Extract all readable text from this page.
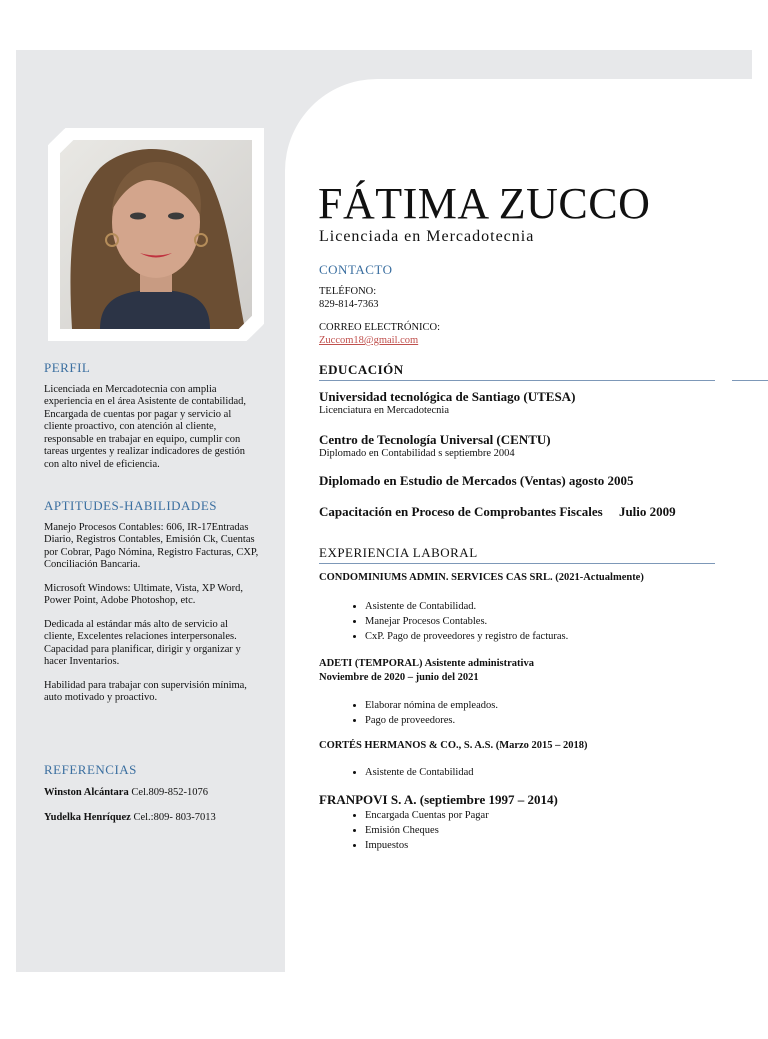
PERFIL

Licenciada en Mercadotecnia con amplia experiencia en el área Asistente de contabilidad, Encargada de cuentas por pagar y servicio al cliente proactivo, con atención al cliente, responsable en trabajar en equipo, cumplir con tareas urgentes y realizar indicadores de gestión con alto nivel de eficiencia.

APTITUDES-HABILIDADES

Manejo Procesos Contables: 606, IR-17Entradas Diario, Registros Contables, Emisión Ck, Cuentas por Cobrar, Pago Nómina, Registro Facturas, CXP, Conciliación Bancaria.

Microsoft Windows: Ultimate, Vista, XP Word, Power Point, Adobe Photoshop, etc.

Dedicada al estándar más alto de servicio al cliente, Excelentes relaciones interpersonales. Capacidad para planificar, dirigir y organizar y hacer Inventarios.

Habilidad para trabajar con supervisión mínima, auto motivado y proactivo.

REFERENCIAS

Winston Alcántara Cel.809-852-1076

Yudelka Henríquez Cel.:809- 803-7013

FÁTIMA ZUCCO
Licenciada en Mercadotecnia
CONTACTO
TELÉFONO:
829-814-7363
CORREO ELECTRÓNICO:
Zuccom18@gmail.com
EDUCACIÓN
Universidad tecnológica de Santiago (UTESA)
Licenciatura en Mercadotecnia
Centro de Tecnología Universal (CENTU)
Diplomado en Contabilidad s septiembre 2004
Diplomado en Estudio de Mercados (Ventas) agosto 2005
Capacitación en Proceso de Comprobantes Fiscales     Julio 2009
EXPERIENCIA LABORAL
CONDOMINIUMS ADMIN. SERVICES CAS SRL. (2021-Actualmente)
• Asistente de Contabilidad.
• Manejar Procesos Contables.
• CxP. Pago de proveedores y registro de facturas.
ADETI (TEMPORAL) Asistente administrativa
Noviembre de 2020 – junio del 2021
• Elaborar nómina de empleados.
• Pago de proveedores.
CORTÉS HERMANOS & CO., S. A.S. (Marzo 2015 – 2018)
• Asistente de Contabilidad
FRANPOVI S. A. (septiembre 1997 – 2014)
• Encargada Cuentas por Pagar
• Emisión Cheques
• Impuestos
